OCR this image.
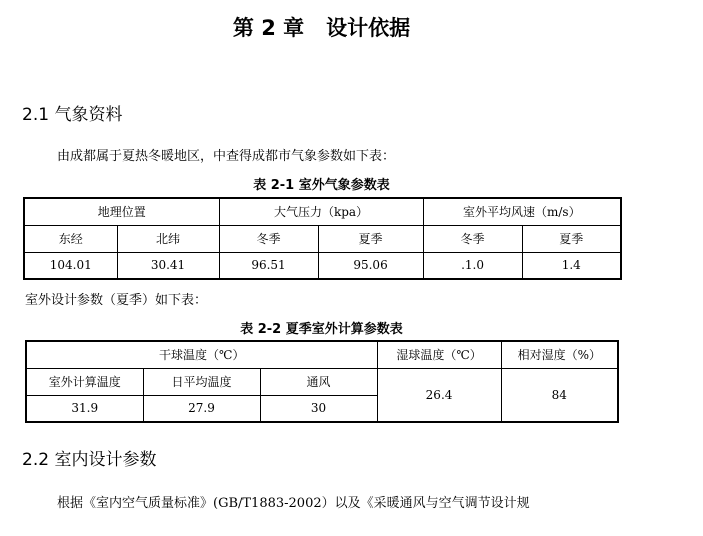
第 2 章   设计依据
2.1 气象资料
由成都属于夏热冬暖地区，中查得成都市气象参数如下表：
表 2-1 室外气象参数表
地理位置		大气压力（kpa）		室外平均风速（m/s）	
东经	北纬	冬季	夏季	冬季	夏季
104.01	30.41	96.51	95.06	.1.0	1.4
室外设计参数（夏季）如下表：
表 2-2 夏季室外计算参数表
干球温度（℃）			湿球温度（℃）	相对湿度（%）
室外计算温度	日平均温度	通风	26.4	84
31.9	27.9	30		
2.2 室内设计参数
根据《室内空气质量标准》(GB/T1883-2002）以及《采暖通风与空气调节设计规
